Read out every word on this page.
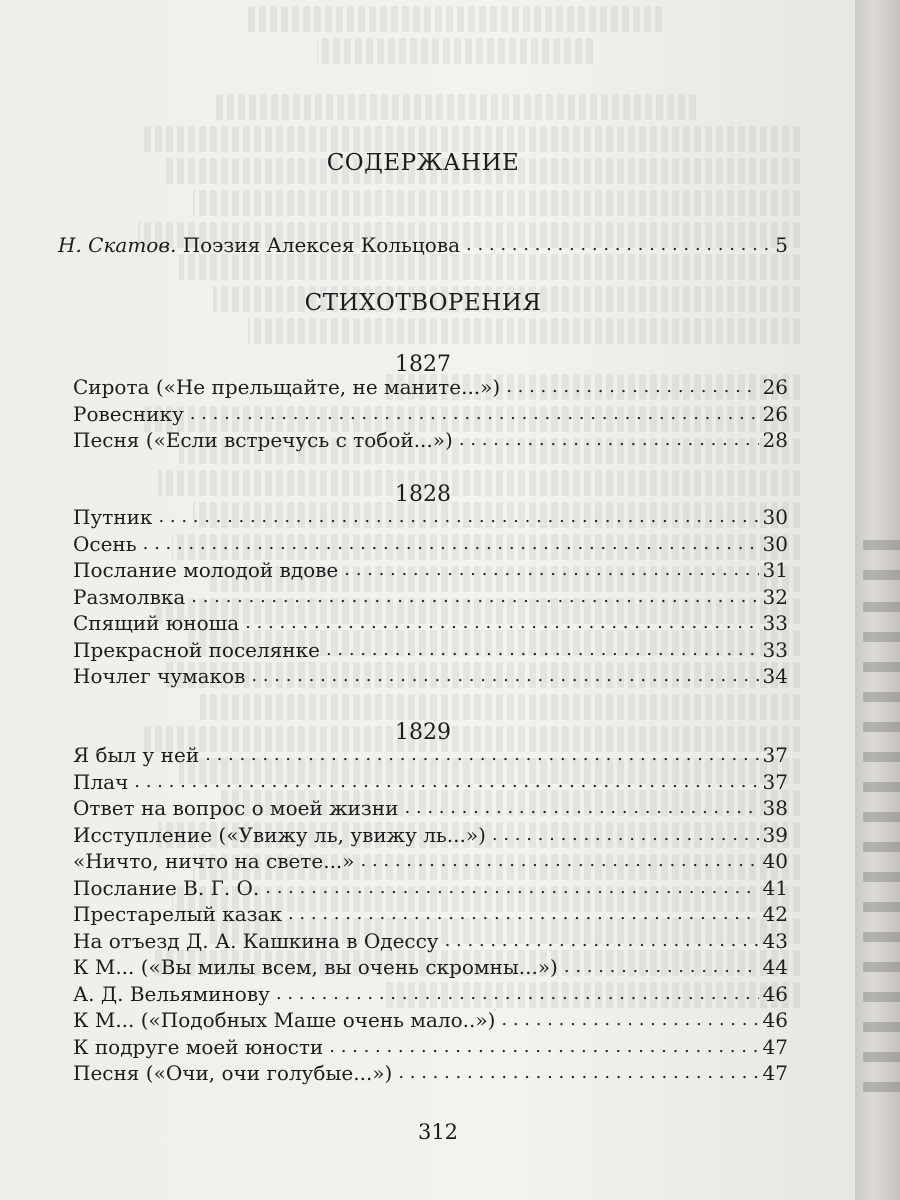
СОДЕРЖАНИЕ
Н. Скатов. Поэзия Алексея Кольцова . . .	5
СТИХОТВОРЕНИЯ
1827
Сирота («Не прельщайте, не маните...») . . .	26
Ровеснику . . .	26
Песня («Если встречусь с тобой...») . . .	28
1828
Путник . . .	30
Осень . . .	30
Послание молодой вдове . . .	31
Размолвка . . .	32
Спящий юноша . . .	33
Прекрасной поселянке . . .	33
Ночлег чумаков . . .	34
1829
Я был у ней . . .	37
Плач . . .	37
Ответ на вопрос о моей жизни . . .	38
Исступление («Увижу ль, увижу ль...») . . .	39
«Ничто, ничто на свете...» . . .	40
Послание В. Г. О. . . .	41
Престарелый казак . . .	42
На отъезд Д. А. Кашкина в Одессу . . .	43
К М... («Вы милы всем, вы очень скромны...») . . .	44
А. Д. Вельяминову . . .	46
К М... («Подобных Маше очень мало..») . . .	46
К подруге моей юности . . .	47
Песня («Очи, очи голубые...») . . .	47
312
